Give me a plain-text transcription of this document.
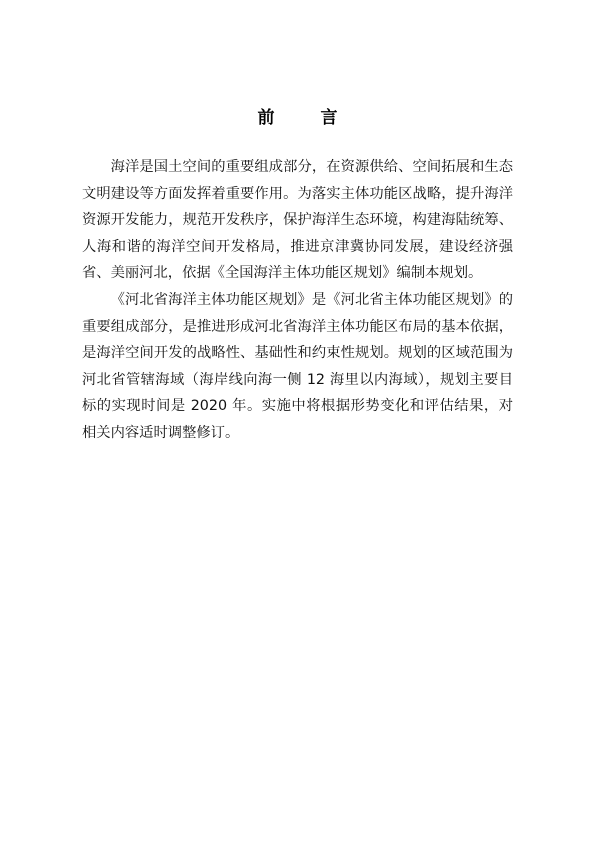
前 言

海洋是国土空间的重要组成部分，在资源供给、空间拓展和生态文明建设等方面发挥着重要作用。为落实主体功能区战略，提升海洋资源开发能力，规范开发秩序，保护海洋生态环境，构建海陆统筹、人海和谐的海洋空间开发格局，推进京津冀协同发展，建设经济强省、美丽河北，依据《全国海洋主体功能区规划》编制本规划。

《河北省海洋主体功能区规划》是《河北省主体功能区规划》的重要组成部分，是推进形成河北省海洋主体功能区布局的基本依据，是海洋空间开发的战略性、基础性和约束性规划。规划的区域范围为河北省管辖海域（海岸线向海一侧 12 海里以内海域），规划主要目标的实现时间是 2020 年。实施中将根据形势变化和评估结果，对相关内容适时调整修订。
